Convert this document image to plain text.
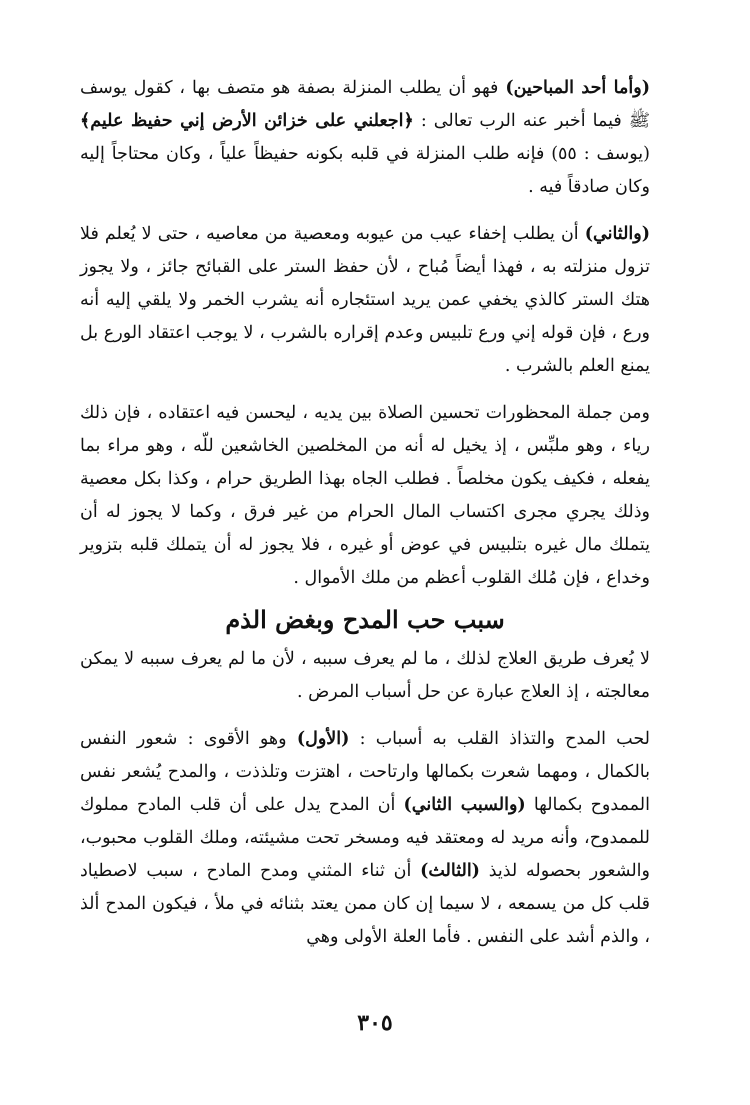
(وأما أحد المباحين) فهو أن يطلب المنزلة بصفة هو متصف بها ، كقول يوسف ﷺ فيما أخبر عنه الرب تعالى : ﴿اجعلني على خزائن الأرض إني حفيظ عليم﴾ (يوسف : ٥٥) فإنه طلب المنزلة في قلبه بكونه حفيظاً علياً ، وكان محتاجاً إليه وكان صادقاً فيه .

(والثاني) أن يطلب إخفاء عيب من عيوبه ومعصية من معاصيه ، حتى لا يُعلم فلا تزول منزلته به ، فهذا أيضاً مُباح ، لأن حفظ الستر على القبائح جائز ، ولا يجوز هتك الستر كالذي يخفي عمن يريد استئجاره أنه يشرب الخمر ولا يلقي إليه أنه ورع ، فإن قوله إني ورع تلبيس وعدم إقراره بالشرب ، لا يوجب اعتقاد الورع بل يمنع العلم بالشرب .

ومن جملة المحظورات تحسين الصلاة بين يديه ، ليحسن فيه اعتقاده ، فإن ذلك رياء ، وهو ملبِّس ، إذ يخيل له أنه من المخلصين الخاشعين للّه ، وهو مراء بما يفعله ، فكيف يكون مخلصاً . فطلب الجاه بهذا الطريق حرام ، وكذا بكل معصية وذلك يجري مجرى اكتساب المال الحرام من غير فرق ، وكما لا يجوز له أن يتملك مال غيره بتلبيس في عوض أو غيره ، فلا يجوز له أن يتملك قلبه بتزوير وخداع ، فإن مُلك القلوب أعظم من ملك الأموال .

سبب حب المدح وبغض الذم

لا يُعرف طريق العلاج لذلك ، ما لم يعرف سببه ، لأن ما لم يعرف سببه لا يمكن معالجته ، إذ العلاج عبارة عن حل أسباب المرض .

لحب المدح والتذاذ القلب به أسباب : (الأول) وهو الأقوى : شعور النفس بالكمال ، ومهما شعرت بكمالها وارتاحت ، اهتزت وتلذذت ، والمدح يُشعر نفس الممدوح بكمالها (والسبب الثاني) أن المدح يدل على أن قلب المادح مملوك للممدوح، وأنه مريد له ومعتقد فيه ومسخر تحت مشيئته، وملك القلوب محبوب، والشعور بحصوله لذيذ (الثالث) أن ثناء المثني ومدح المادح ، سبب لاصطياد قلب كل من يسمعه ، لا سيما إن كان ممن يعتد بثنائه في ملأ ، فيكون المدح ألذ ، والذم أشد على النفس . فأما العلة الأولى وهي

٣٠٥
